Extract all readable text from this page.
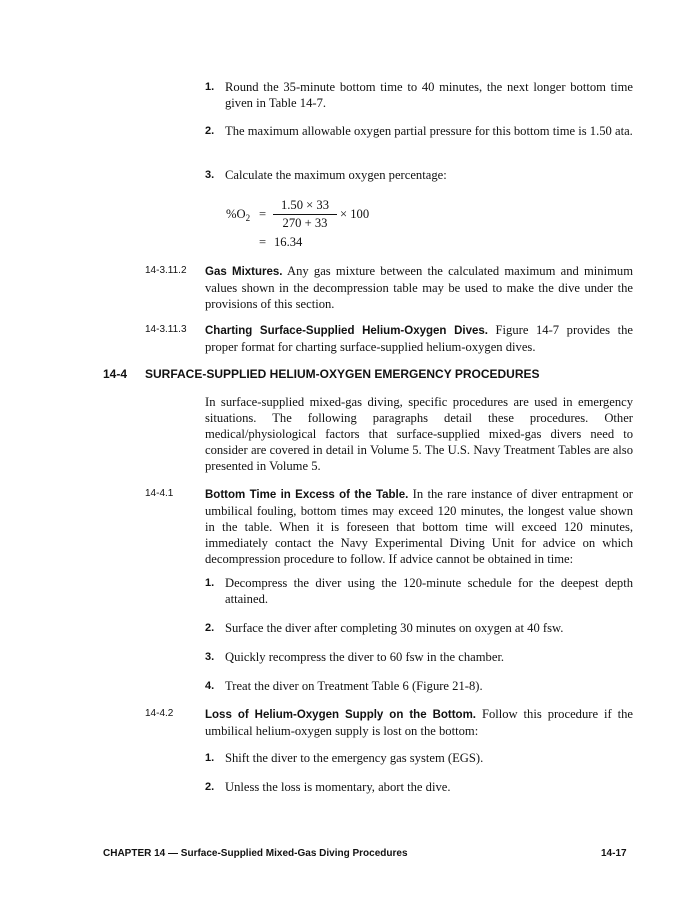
1. Round the 35-minute bottom time to 40 minutes, the next longer bottom time given in Table 14-7.
2. The maximum allowable oxygen partial pressure for this bottom time is 1.50 ata.
3. Calculate the maximum oxygen percentage:
$\%O_2$ =
1.50 × 33
270 + 33
× 100
= 16.34
14-3.11.2 Gas Mixtures. Any gas mixture between the calculated maximum and minimum values shown in the decompression table may be used to make the dive under the provisions of this section.
14-3.11.3 Charting Surface-Supplied Helium-Oxygen Dives. Figure 14-7 provides the proper format for charting surface-supplied helium-oxygen dives.
14-4 SURFACE-SUPPLIED HELIUM-OXYGEN EMERGENCY PROCEDURES
In surface-supplied mixed-gas diving, specific procedures are used in emergency situations. The following paragraphs detail these procedures. Other medical/physiological factors that surface-supplied mixed-gas divers need to consider are covered in detail in Volume 5. The U.S. Navy Treatment Tables are also presented in Volume 5.
14-4.1	Bottom Time in Excess of the Table. In the rare instance of diver entrapment or umbilical fouling, bottom times may exceed 120 minutes, the longest value shown in the table. When it is foreseen that bottom time will exceed 120 minutes, immediately contact the Navy Experimental Diving Unit for advice on which decompression procedure to follow. If advice cannot be obtained in time:
1. Decompress the diver using the 120-minute schedule for the deepest depth attained.
2. Surface the diver after completing 30 minutes on oxygen at 40 fsw.
3. Quickly recompress the diver to 60 fsw in the chamber.
4. Treat the diver on Treatment Table 6 (Figure 21-8).
14-4.2	Loss of Helium-Oxygen Supply on the Bottom. Follow this procedure if the umbilical helium-oxygen supply is lost on the bottom:
1. Shift the diver to the emergency gas system (EGS).
2. Unless the loss is momentary, abort the dive.
CHAPTER 14 — Surface-Supplied Mixed-Gas Diving Procedures	14-17
